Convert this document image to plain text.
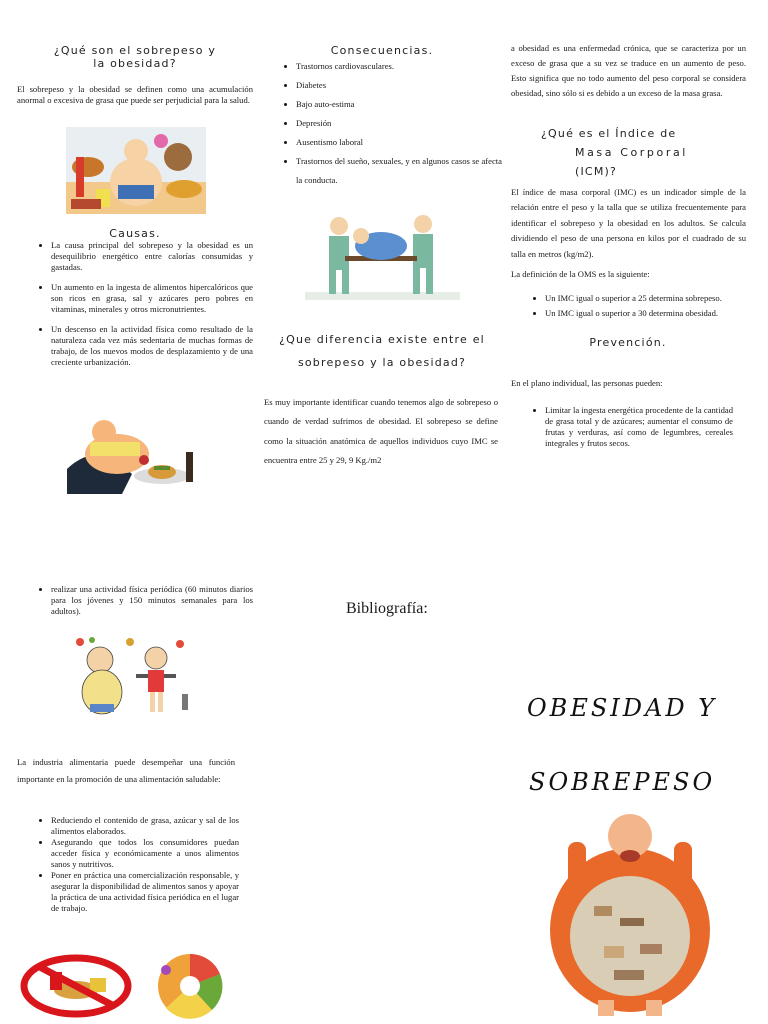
¿Qué son el sobrepeso y

la obesidad?

El sobrepeso y la obesidad se definen como una acumulación anormal o excesiva de grasa que puede ser perjudicial para la salud.

Causas.

• La causa principal del sobrepeso y la obesidad es un desequilibrio energético entre calorías consumidas y gastadas.
• Un aumento en la ingesta de alimentos hipercalóricos que son ricos en grasa, sal y azúcares pero pobres en vitaminas, minerales y otros micronutrientes.
• Un descenso en la actividad física como resultado de la naturaleza cada vez más sedentaria de muchas formas de trabajo, de los nuevos modos de desplazamiento y de una creciente urbanización.
• realizar una actividad física periódica (60 minutos diarios para los jóvenes y 150 minutos semanales para los adultos).

La industria alimentaria puede desempeñar una función importante en la promoción de una alimentación saludable:

• Reduciendo el contenido de grasa, azúcar y sal de los alimentos elaborados.
• Asegurando que todos los consumidores puedan acceder física y económicamente a unos alimentos sanos y nutritivos.
• Poner en práctica una comercialización responsable, y asegurar la disponibilidad de alimentos sanos y apoyar la práctica de una actividad física periódica en el lugar de trabajo.

Consecuencias.

• Trastornos cardiovasculares.
• Diabetes
• Bajo auto-estima
• Depresión
• Ausentismo laboral
• Trastornos del sueño, sexuales, y en algunos casos se afecta la conducta.

¿Que diferencia existe entre el

sobrepeso y la obesidad?

Es muy importante identificar cuando tenemos algo de sobrepeso o cuando de verdad sufrimos de obesidad. El sobrepeso se define como la situación anatómica de aquellos individuos cuyo IMC se encuentra entre 25 y 29, 9 Kg./m2

Bibliografía:

a obesidad es una enfermedad crónica, que se caracteriza por un exceso de grasa que a su vez se traduce en un aumento de peso. Esto significa que no todo aumento del peso corporal se considera obesidad, sino sólo si es debido a un exceso de la masa grasa.

¿Qué es el Índice de

Masa Corporal

(ICM)?

El índice de masa corporal (IMC) es un indicador simple de la relación entre el peso y la talla que se utiliza frecuentemente para identificar el sobrepeso y la obesidad en los adultos. Se calcula dividiendo el peso de una persona en kilos por el cuadrado de su talla en metros (kg/m2).

La definición de la OMS es la siguiente:

• Un IMC igual o superior a 25 determina sobrepeso.
• Un IMC igual o superior a 30 determina obesidad.

Prevención.

En el plano individual, las personas pueden:

• Limitar la ingesta energética procedente de la cantidad de grasa total y de azúcares; aumentar el consumo de frutas y verduras, así como de legumbres, cereales integrales y frutos secos.

OBESIDAD Y

SOBREPESO
